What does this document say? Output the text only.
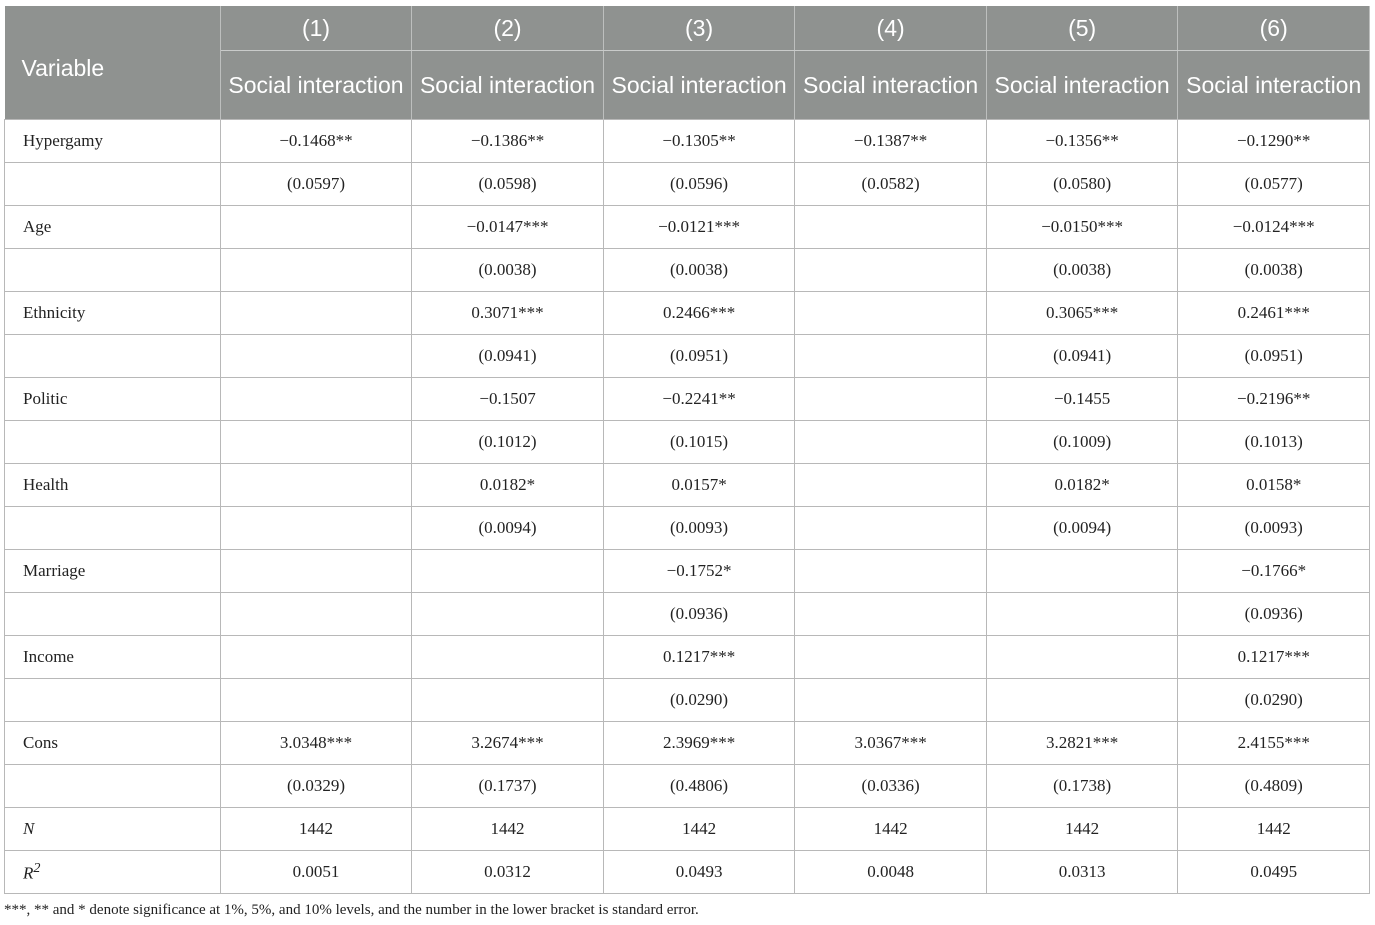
Variable	(1)	(2)	(3)	(4)	(5)	(6)
	Social interaction	Social interaction	Social interaction	Social interaction	Social interaction	Social interaction
Hypergamy	−0.1468**	−0.1386**	−0.1305**	−0.1387**	−0.1356**	−0.1290**
	(0.0597)	(0.0598)	(0.0596)	(0.0582)	(0.0580)	(0.0577)
Age		−0.0147***	−0.0121***		−0.0150***	−0.0124***
		(0.0038)	(0.0038)		(0.0038)	(0.0038)
Ethnicity		0.3071***	0.2466***		0.3065***	0.2461***
		(0.0941)	(0.0951)		(0.0941)	(0.0951)
Politic		−0.1507	−0.2241**		−0.1455	−0.2196**
		(0.1012)	(0.1015)		(0.1009)	(0.1013)
Health		0.0182*	0.0157*		0.0182*	0.0158*
		(0.0094)	(0.0093)		(0.0094)	(0.0093)
Marriage			−0.1752*			−0.1766*
			(0.0936)			(0.0936)
Income			0.1217***			0.1217***
			(0.0290)			(0.0290)
Cons	3.0348***	3.2674***	2.3969***	3.0367***	3.2821***	2.4155***
	(0.0329)	(0.1737)	(0.4806)	(0.0336)	(0.1738)	(0.4809)
N	1442	1442	1442	1442	1442	1442
$R^2$	0.0051	0.0312	0.0493	0.0048	0.0313	0.0495
***, ** and * denote significance at 1%, 5%, and 10% levels, and the number in the lower bracket is standard error.
